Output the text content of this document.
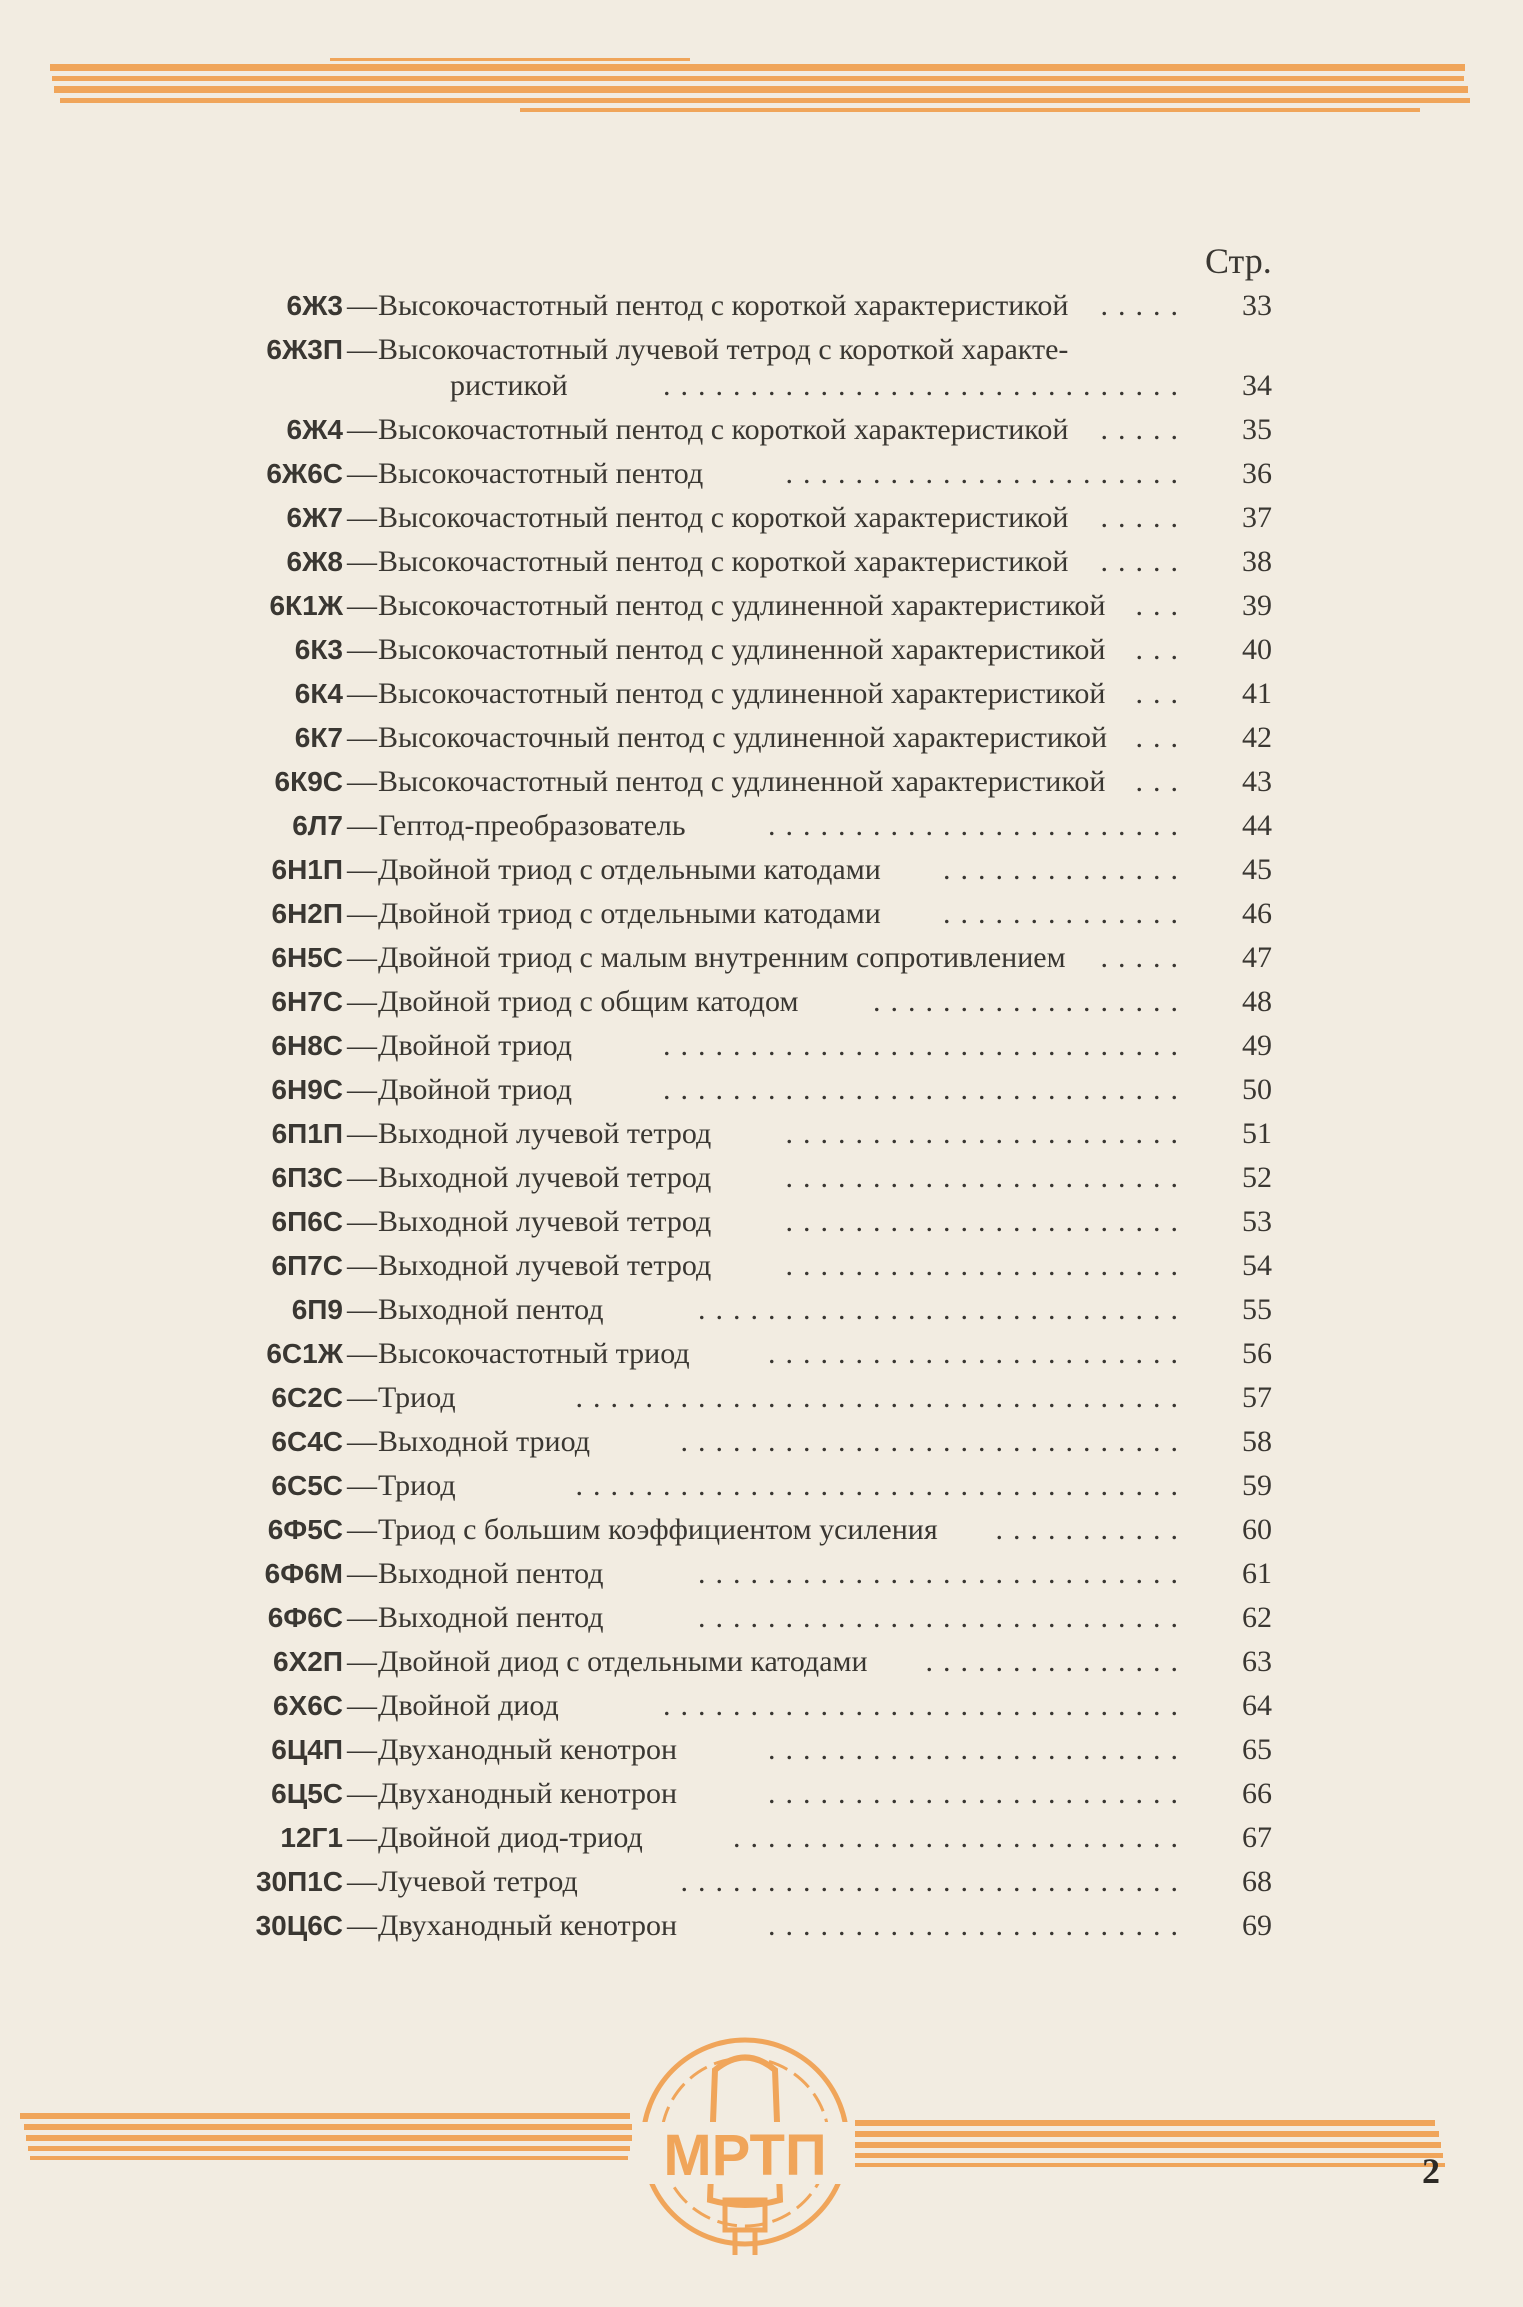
Стр.
6Ж3 — Высокочастотный пентод с короткой характеристикой	33
.....
6Ж3П — Высокочастотный лучевой тетрод с короткой характе-
ристикой	34
..............................
6Ж4 — Высокочастотный пентод с короткой характеристикой	35
.....
6Ж6С — Высокочастотный пентод	36
.......................
6Ж7 — Высокочастотный пентод с короткой характеристикой	37
.....
6Ж8 — Высокочастотный пентод с короткой характеристикой	38
.....
6К1Ж — Высокочастотный пентод с удлиненной характеристикой	39
...
6К3 — Высокочастотный пентод с удлиненной характеристикой	40
...
6К4 — Высокочастотный пентод с удлиненной характеристикой	41
...
6К7 — Высокочасточный пентод с удлиненной характеристикой	42
...
6К9С — Высокочастотный пентод с удлиненной характеристикой	43
...
6Л7 — Гептод-преобразователь	44
........................
6Н1П — Двойной триод с отдельными катодами	45
..............
6Н2П — Двойной триод с отдельными катодами	46
..............
6Н5С — Двойной триод с малым внутренним сопротивлением	47
.....
6Н7С — Двойной триод с общим катодом	48
..................
6Н8С — Двойной триод	49
..............................
6Н9С — Двойной триод	50
..............................
6П1П — Выходной лучевой тетрод	51
.......................
6П3С — Выходной лучевой тетрод	52
.......................
6П6С — Выходной лучевой тетрод	53
.......................
6П7С — Выходной лучевой тетрод	54
.......................
6П9 — Выходной пентод	55
............................
6С1Ж — Высокочастотный триод	56
........................
6С2С — Триод	57
...................................
6С4С — Выходной триод	58
.............................
6С5С — Триод	59
...................................
6Ф5С — Триод с большим коэффициентом усиления	60
...........
6Ф6М — Выходной пентод	61
............................
6Ф6С — Выходной пентод	62
............................
6Х2П — Двойной диод с отдельными катодами	63
...............
6Х6С — Двойной диод	64
..............................
6Ц4П — Двуханодный кенотрон	65
........................
6Ц5С — Двуханодный кенотрон	66
........................
12Г1 — Двойной диод-триод	67
..........................
30П1С — Лучевой тетрод	68
.............................
30Ц6С — Двуханодный кенотрон	69
........................
МРТП	2
